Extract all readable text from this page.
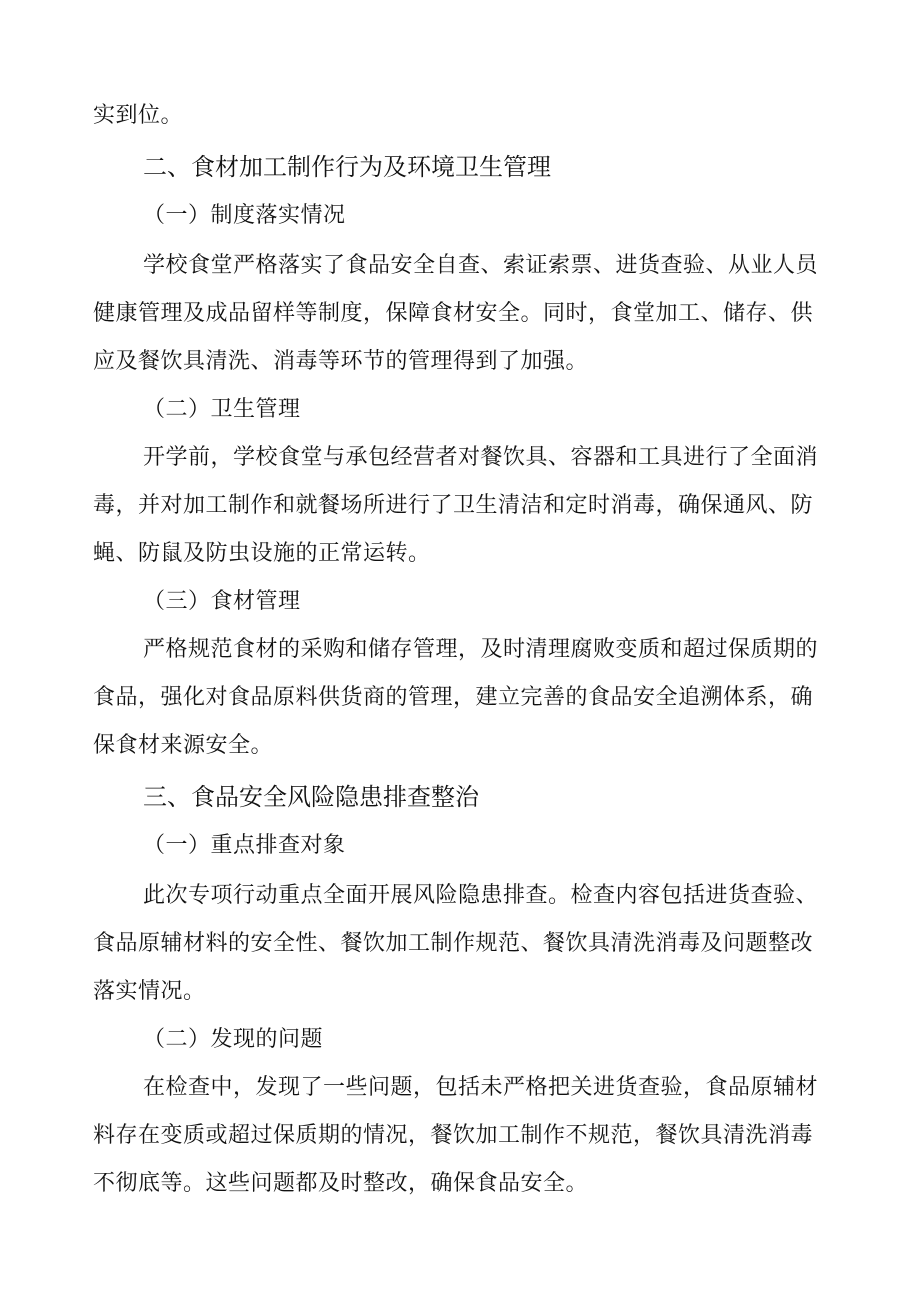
实到位。
二、食材加工制作行为及环境卫生管理
（一）制度落实情况
学校食堂严格落实了食品安全自查、索证索票、进货查验、从业人员
健康管理及成品留样等制度，保障食材安全。同时，食堂加工、储存、供
应及餐饮具清洗、消毒等环节的管理得到了加强。
（二）卫生管理
开学前，学校食堂与承包经营者对餐饮具、容器和工具进行了全面消
毒，并对加工制作和就餐场所进行了卫生清洁和定时消毒，确保通风、防
蝇、防鼠及防虫设施的正常运转。
（三）食材管理
严格规范食材的采购和储存管理，及时清理腐败变质和超过保质期的
食品，强化对食品原料供货商的管理，建立完善的食品安全追溯体系，确
保食材来源安全。
三、食品安全风险隐患排查整治
（一）重点排查对象
此次专项行动重点全面开展风险隐患排查。检查内容包括进货查验、
食品原辅材料的安全性、餐饮加工制作规范、餐饮具清洗消毒及问题整改
落实情况。
（二）发现的问题
在检查中，发现了一些问题，包括未严格把关进货查验，食品原辅材
料存在变质或超过保质期的情况，餐饮加工制作不规范，餐饮具清洗消毒
不彻底等。这些问题都及时整改，确保食品安全。
